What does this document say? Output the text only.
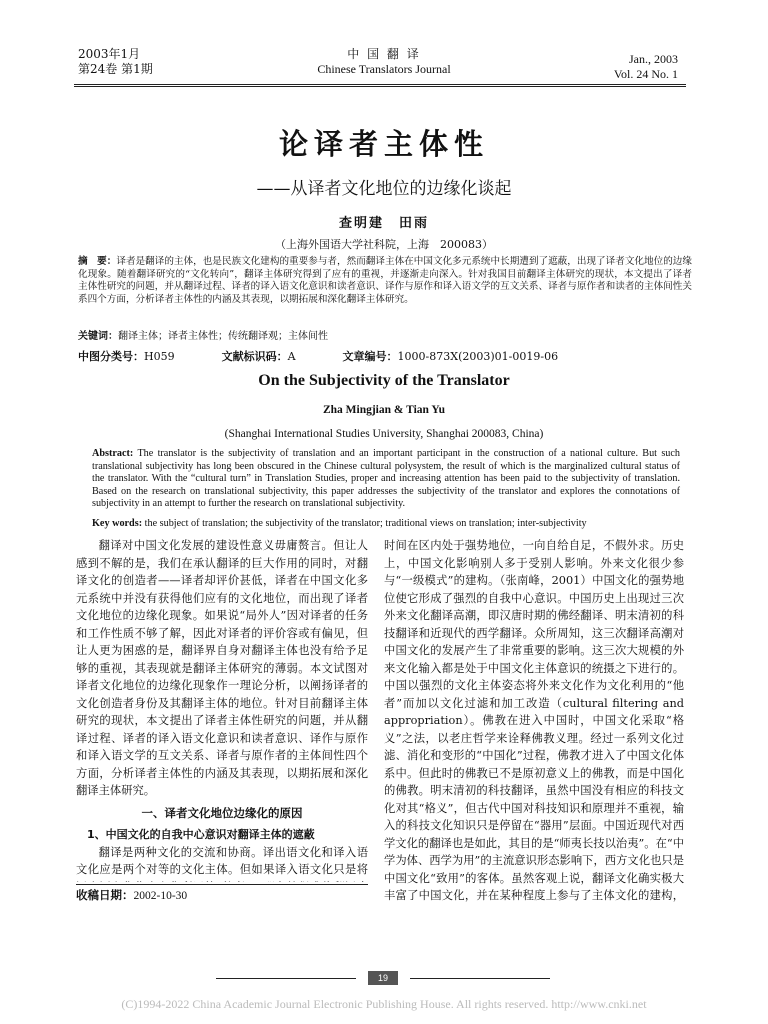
2003年1月
第24卷 第1期
中 国 翻 译
Chinese Translators Journal
Jan., 2003
Vol. 24 No. 1
论译者主体性
——从译者文化地位的边缘化谈起
查明建　田雨
（上海外国语大学社科院，上海　200083）
摘　要：译者是翻译的主体，也是民族文化建构的重要参与者，然而翻译主体在中国文化多元系统中长期遭到了遮蔽，出现了译者文化地位的边缘化现象。随着翻译研究的“文化转向”，翻译主体研究得到了应有的重视，并逐渐走向深入。针对我国目前翻译主体研究的现状，本文提出了译者主体性研究的问题，并从翻译过程、译者的译入语文化意识和读者意识、译作与原作和译入语文学的互文关系、译者与原作者和读者的主体间性关系四个方面，分析译者主体性的内涵及其表现，以期拓展和深化翻译主体研究。
关键词：翻译主体；译者主体性；传统翻译观；主体间性
中图分类号：H059	文献标识码：A	文章编号：1000-873X(2003)01-0019-06
On the Subjectivity of the Translator
Zha Mingjian & Tian Yu
(Shanghai International Studies University, Shanghai 200083, China)
Abstract: The translator is the subjectivity of translation and an important participant in the construction of a national culture. But such translational subjectivity has long been obscured in the Chinese cultural polysystem, the result of which is the marginalized cultural status of the translator. With the “cultural turn” in Translation Studies, proper and increasing attention has been paid to the subjectivity of translation. Based on the research on translational subjectivity, this paper addresses the subjectivity of the translator and explores the connotations of subjectivity in an attempt to further the research on translational subjectivity.
Key words: the subject of translation; the subjectivity of the translator; traditional views on translation; inter-subjectivity

翻译对中国文化发展的建设性意义毋庸赘言。但让人感到不解的是，我们在承认翻译的巨大作用的同时，对翻译文化的创造者——译者却评价甚低，译者在中国文化多元系统中并没有获得他们应有的文化地位，而出现了译者文化地位的边缘化现象。如果说“局外人”因对译者的任务和工作性质不够了解，因此对译者的评价容或有偏见，但让人更为困惑的是，翻译界自身对翻译主体也没有给予足够的重视，其表现就是翻译主体研究的薄弱。本文试图对译者文化地位的边缘化现象作一理论分析，以阐扬译者的文化创造者身份及其翻译主体的地位。针对目前翻译主体研究的现状，本文提出了译者主体性研究的问题，并从翻译过程、译者的译入语文化意识和读者意识、译作与原作和译入语文学的互文关系、译者与原作者的主体间性四个方面，分析译者主体性的内涵及其表现，以期拓展和深化翻译主体研究。

一、译者文化地位边缘化的原因

1、中国文化的自我中心意识对翻译主体的遮蔽

翻译是两种文化的交流和协商。译出语文化和译入语文化应是两个对等的文化主体。但如果译入语文化只是将

收稿日期：2002-10-30

时间在区内处于强势地位，一向自给自足，不假外求。历史上，中国文化影响别人多于受别人影响。外来文化很少参与“一级模式”的建构。（张南峰，2001）中国文化的强势地位使它形成了强烈的自我中心意识。中国历史上出现过三次外来文化翻译高潮，即汉唐时期的佛经翻译、明末清初的科技翻译和近现代的西学翻译。众所周知，这三次翻译高潮对中国文化的发展产生了非常重要的影响。这三次大规模的外来文化输入都是处于中国文化主体意识的统摄之下进行的。中国以强烈的文化主体姿态将外来文化作为文化利用的“他者”而加以文化过滤和加工改造（cultural filtering and appropriation）。佛教在进入中国时，中国文化采取“格义”之法，以老庄哲学来诠释佛教义理。经过一系列文化过滤、消化和变形的“中国化”过程，佛教才进入了中国文化体系中。但此时的佛教已不是原初意义上的佛教，而是中国化的佛教。明末清初的科技翻译，虽然中国没有相应的科技文化对其“格义”，但古代中国对科技知识和原理并不重视，输入的科技文化知识只是停留在“器用”层面。中国近现代对西学文化的翻译也是如此，其目的是“师夷长技以治夷”。在“中学为体、西学为用”的主流意识形态影响下，西方文化也只是中国文化“致用”的客体。虽然客观上说，翻译文化确实极大丰富了中国文化，并在某种程度上参与了主体文化的建构，

19
(C)1994-2022 China Academic Journal Electronic Publishing House. All rights reserved. http://www.cnki.net
